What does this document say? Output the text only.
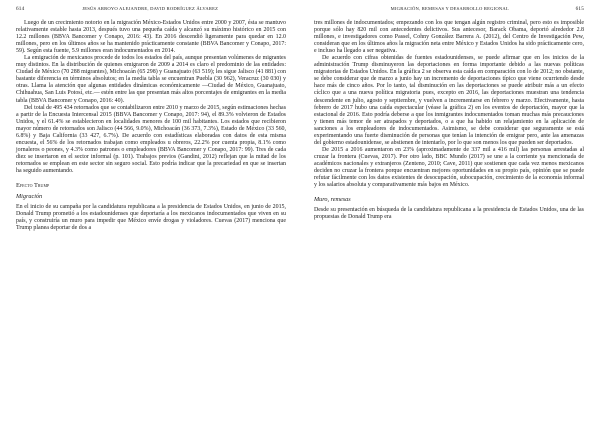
614	JESÚS ARROYO ALEJANDRE, DAVID RODRÍGUEZ ÁLVAREZ

Luego de un crecimiento notorio en la migración México-Estados Unidos entre 2000 y 2007, ésta se mantuvo relativamente estable hasta 2013, después tuvo una pequeña caída y alcanzó su máximo histórico en 2015 con 12.2 millones (BBVA Bancomer y Conapo, 2016: 43). En 2016 descendió ligeramente para quedar en 12.0 millones, pero en los últimos años se ha mantenido prácticamente constante (BBVA Bancomer y Conapo, 2017: 59). Según esta fuente, 5.9 millones eran indocumentados en 2014.

La emigración de mexicanos procede de todos los estados del país, aunque presentan volúmenes de migrantes muy distintos. En la distribución de quienes emigraron de 2009 a 2014 es claro el predominio de las entidades: Ciudad de México (70 288 migrantes), Michoacán (65 298) y Guanajuato (63 519); les sigue Jalisco (41 881) con bastante diferencia en términos absolutos; en la media tabla se encuentran Puebla (30 962), Veracruz (30 030) y otras. Llama la atención que algunas entidades dinámicas económicamente —Ciudad de México, Guanajuato, Chihuahua, San Luis Potosí, etc.— estén entre las que presentan más altos porcentajes de emigrantes en la media tabla (BBVA Bancomer y Conapo, 2016: 40).

Del total de 495 434 retornados que se contabilizaron entre 2010 y marzo de 2015, según estimaciones hechas a partir de la Encuesta Intercensal 2015 (BBVA Bancomer y Conapo, 2017: 94), el 89.3% volvieron de Estados Unidos, y el 61.4% se establecieron en localidades menores de 100 mil habitantes. Los estados que recibieron mayor número de retornados son Jalisco (44 566, 9.0%), Michoacán (36 373, 7.3%), Estado de México (33 560, 6.8%) y Baja California (33 427, 6.7%). De acuerdo con estadísticas elaboradas con datos de esta misma encuesta, el 56% de los retornados trabajan como empleados u obreros, 22.2% por cuenta propia, 8.1% como jornaleros o peones, y 4.3% como patrones o empleadores (BBVA Bancomer y Conapo, 2017: 99). Tres de cada diez se insertaron en el sector informal (p. 101). Trabajos previos (Gandini, 2012) reflejan que la mitad de los retornados se emplean en este sector sin seguro social. Esto podría indicar que la precariedad en que se insertan ha seguido aumentando.

Efecto Trump

Migración

En el inicio de su campaña por la candidatura republicana a la presidencia de Estados Unidos, en junio de 2015, Donald Trump prometió a los estadounidenses que deportaría a los mexicanos indocumentados que viven en su país, y construiría un muro para impedir que México envíe drogas y violadores. Cuevas (2017) menciona que Trump planea deportar de dos a

MIGRACIÓN, REMESAS Y DESARROLLO REGIONAL	615

tres millones de indocumentados; empezando con los que tengan algún registro criminal, pero esto es imposible porque sólo hay 820 mil con antecedentes delictivos. Sus antecesor, Barack Obama, deportó alrededor 2.8 millones, e investigadores como Passel, Cohny González Barrera A. (2012), del Centro de Investigación Pew, consideran que en los últimos años la migración neta entre México y Estados Unidos ha sido prácticamente cero, e incluso ha llegado a ser negativa.

De acuerdo con cifras obtenidas de fuentes estadounidenses, se puede afirmar que en los inicios de la administración Trump disminuyeron las deportaciones en forma importante debido a las nuevas políticas migratorias de Estados Unidos. En la gráfica 2 se observa esta caída en comparación con lo de 2012; no obstante, se debe considerar que de marzo a junio hay un incremento de deportaciones típico que viene ocurriendo desde hace más de cinco años. Por lo tanto, tal disminución en las deportaciones se puede atribuir más a un efecto cíclico que a una nueva política migratoria pues, excepto en 2016, las deportaciones muestran una tendencia descendente en julio, agosto y septiembre, y vuelven a incrementarse en febrero y marzo. Efectivamente, hasta febrero de 2017 hubo una caída espectacular (véase la gráfica 2) en los eventos de deportación, mayor que la estacional de 2016. Esto podría deberse a que los inmigrantes indocumentados toman muchas más precauciones y tienen más temor de ser atrapados y deportados, o a que ha habido un relajamiento en la aplicación de sanciones a los empleadores de indocumentados. Asimismo, se debe considerar que seguramente se está experimentando una fuerte disminución de personas que tenían la intención de emigrar pero, ante las amenazas del gobierno estadounidense, se abstienen de intentarlo, por lo que son menos los que pueden ser deportados.

De 2015 a 2016 aumentaron en 23% (aproximadamente de 337 mil a 416 mil) las personas arrestadas al cruzar la frontera (Cuevas, 2017). Por otro lado, BBC Mundo (2017) se une a la corriente ya mencionada de académicos nacionales y extranjeros (Zenteno, 2010; Cave, 2011) que sostienen que cada vez menos mexicanos deciden no cruzar la frontera porque encuentran mejores oportunidades en su propio país, opinión que se puede refutar fácilmente con los datos existentes de desocupación, subocupación, crecimiento de la economía informal y los salarios absoluta y comparativamente más bajos en México.

Muro, remesas

Desde su presentación en búsqueda de la candidatura republicana a la presidencia de Estados Unidos, una de las propuestas de Donald Trump era
